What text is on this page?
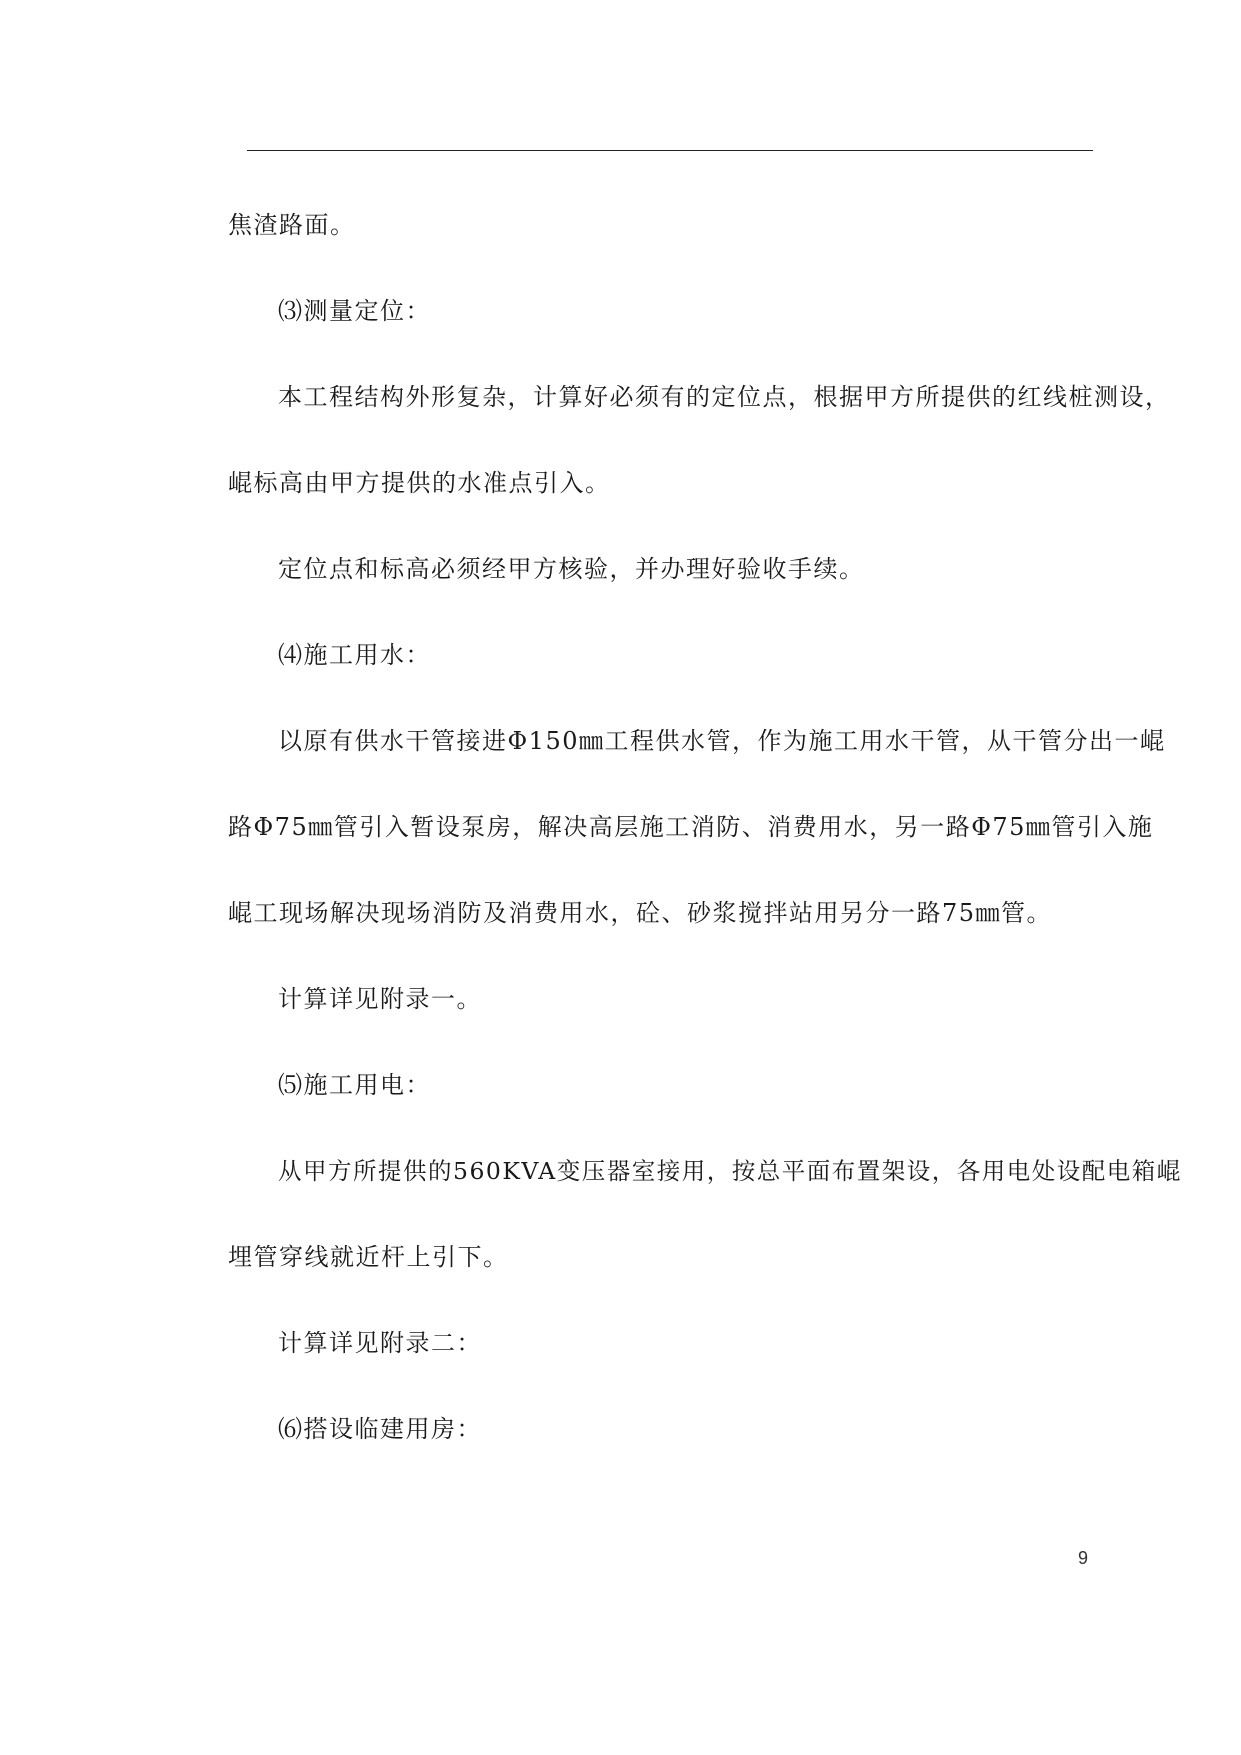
焦渣路面。
⑶测量定位：
本工程结构外形复杂，计算好必须有的定位点，根据甲方所提供的红线桩测设，
崐标高由甲方提供的水准点引入。
定位点和标高必须经甲方核验，并办理好验收手续。
⑷施工用水：
以原有供水干管接进Φ150㎜工程供水管，作为施工用水干管，从干管分出一崐
路Φ75㎜管引入暂设泵房，解决高层施工消防、消费用水，另一路Φ75㎜管引入施
崐工现场解决现场消防及消费用水，砼、砂浆搅拌站用另分一路75㎜管。
计算详见附录一。
⑸施工用电：
从甲方所提供的560KVA变压器室接用，按总平面布置架设，各用电处设配电箱崐
埋管穿线就近杆上引下。
计算详见附录二：
⑹搭设临建用房：
9
